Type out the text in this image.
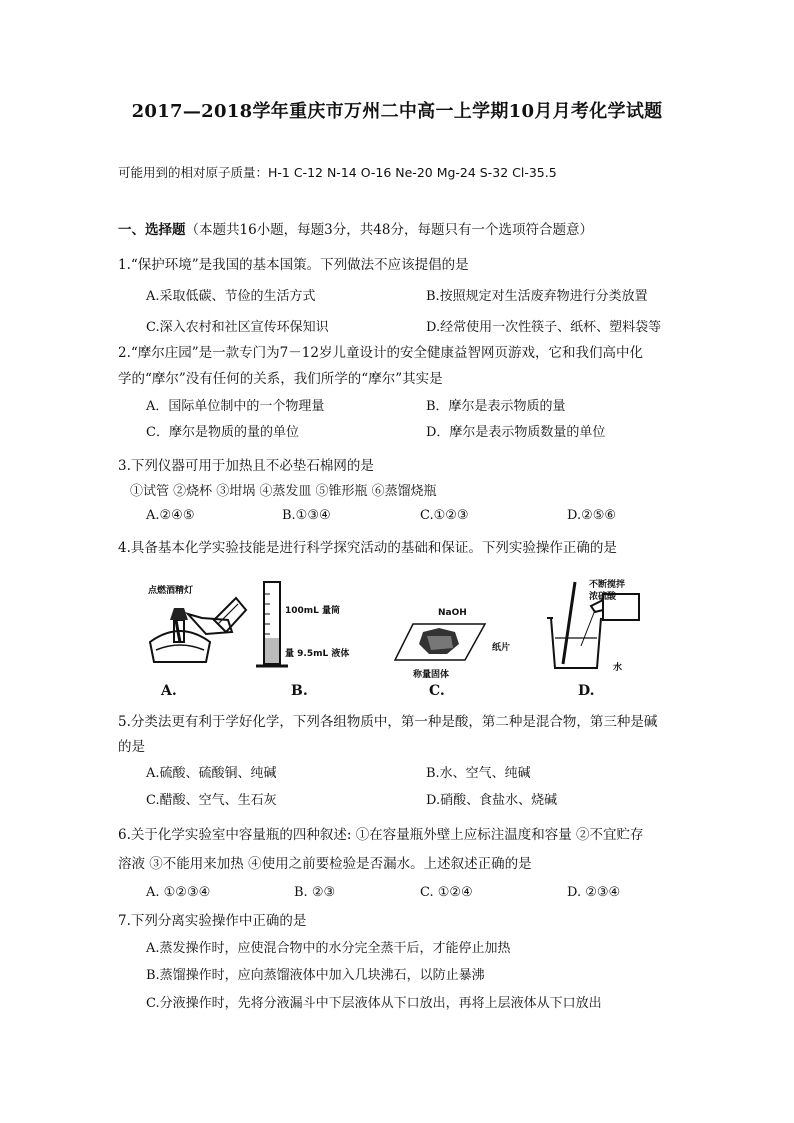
2017—2018学年重庆市万州二中高一上学期10月月考化学试题
可能用到的相对原子质量：H-1 C-12 N-14 O-16 Ne-20 Mg-24 S-32 Cl-35.5
一、选择题（本题共16小题，每题3分，共48分，每题只有一个选项符合题意）
1.“保护环境”是我国的基本国策。下列做法不应该提倡的是
A.采取低碳、节俭的生活方式	B.按照规定对生活废弃物进行分类放置
C.深入农村和社区宣传环保知识	D.经常使用一次性筷子、纸杯、塑料袋等
2.“摩尔庄园”是一款专门为7－12岁儿童设计的安全健康益智网页游戏，它和我们高中化
学的“摩尔”没有任何的关系，我们所学的“摩尔”其实是
A．国际单位制中的一个物理量	B．摩尔是表示物质的量
C．摩尔是物质的量的单位	D．摩尔是表示物质数量的单位
3.下列仪器可用于加热且不必垫石棉网的是
①试管 ②烧杯 ③坩埚 ④蒸发皿 ⑤锥形瓶 ⑥蒸馏烧瓶
A.②④⑤	B.①③④	C.①②③	D.②⑤⑥
4.具备基本化学实验技能是进行科学探究活动的基础和保证。下列实验操作正确的是
点燃酒精灯
A.
100mL 量筒
量 9.5mL 液体
B.
NaOH
纸片
称量固体
C.
不断搅拌
浓硫酸
水
D.
5.分类法更有利于学好化学，下列各组物质中，第一种是酸，第二种是混合物，第三种是碱
的是
A.硫酸、硫酸铜、纯碱	B.水、空气、纯碱
C.醋酸、空气、生石灰	D.硝酸、食盐水、烧碱
6.关于化学实验室中容量瓶的四种叙述: ①在容量瓶外壁上应标注温度和容量 ②不宜贮存
溶液 ③不能用来加热 ④使用之前要检验是否漏水。上述叙述正确的是
A. ①②③④	B. ②③	C. ①②④	D. ②③④
7.下列分离实验操作中正确的是
A.蒸发操作时，应使混合物中的水分完全蒸干后，才能停止加热
B.蒸馏操作时，应向蒸馏液体中加入几块沸石，以防止暴沸
C.分液操作时，先将分液漏斗中下层液体从下口放出，再将上层液体从下口放出
